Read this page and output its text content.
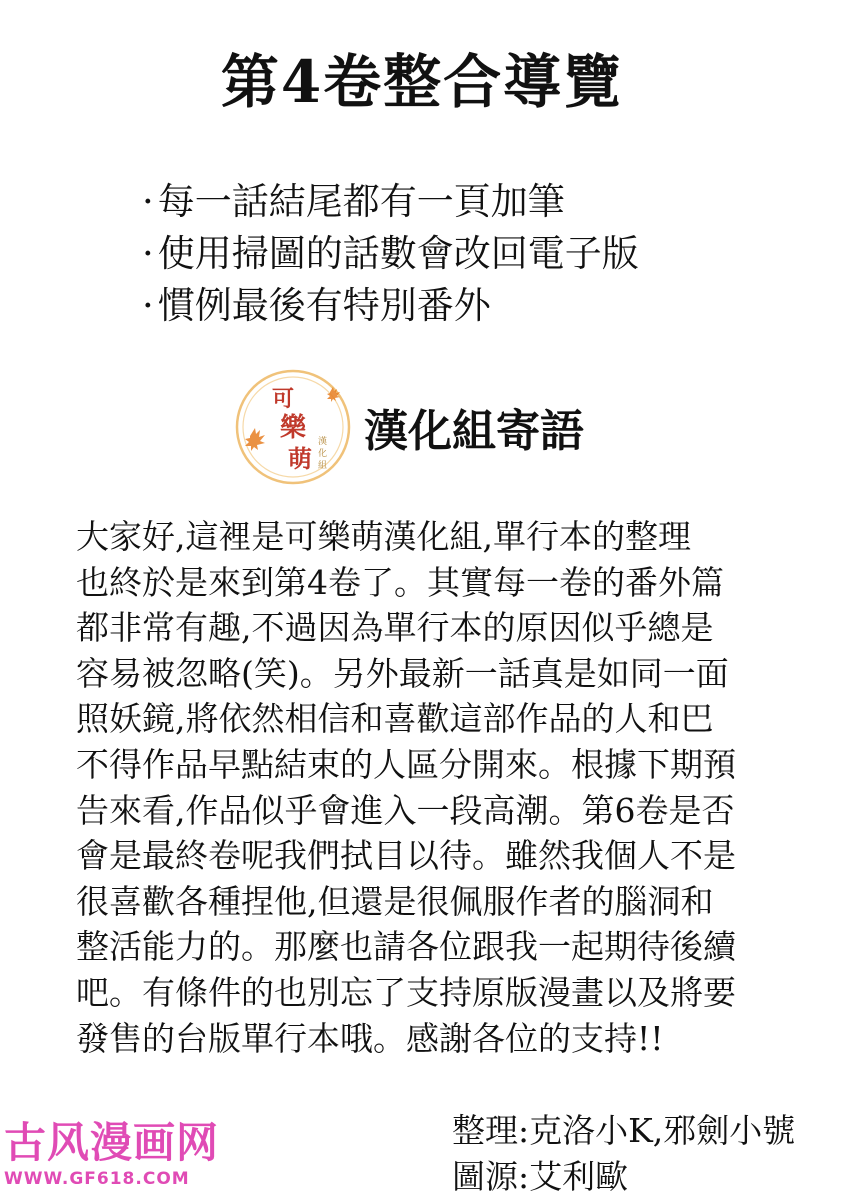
第4卷整合導覽
· 每一話結尾都有一頁加筆
· 使用掃圖的話數會改回電子版
· 慣例最後有特別番外
可
樂
萌
漢
化
組
漢化組寄語
大家好,這裡是可樂萌漢化組,單行本的整理
也終於是來到第4卷了。其實每一卷的番外篇
都非常有趣,不過因為單行本的原因似乎總是
容易被忽略(笑)。另外最新一話真是如同一面
照妖鏡,將依然相信和喜歡這部作品的人和巴
不得作品早點結束的人區分開來。根據下期預
告來看,作品似乎會進入一段高潮。第6卷是否
會是最終卷呢我們拭目以待。雖然我個人不是
很喜歡各種捏他,但還是很佩服作者的腦洞和
整活能力的。那麼也請各位跟我一起期待後續
吧。有條件的也別忘了支持原版漫畫以及將要
發售的台版單行本哦。感謝各位的支持!!
整理:克洛小K,邪劍小號
圖源:艾利歐
古风漫画网
WWW.GF618.COM
